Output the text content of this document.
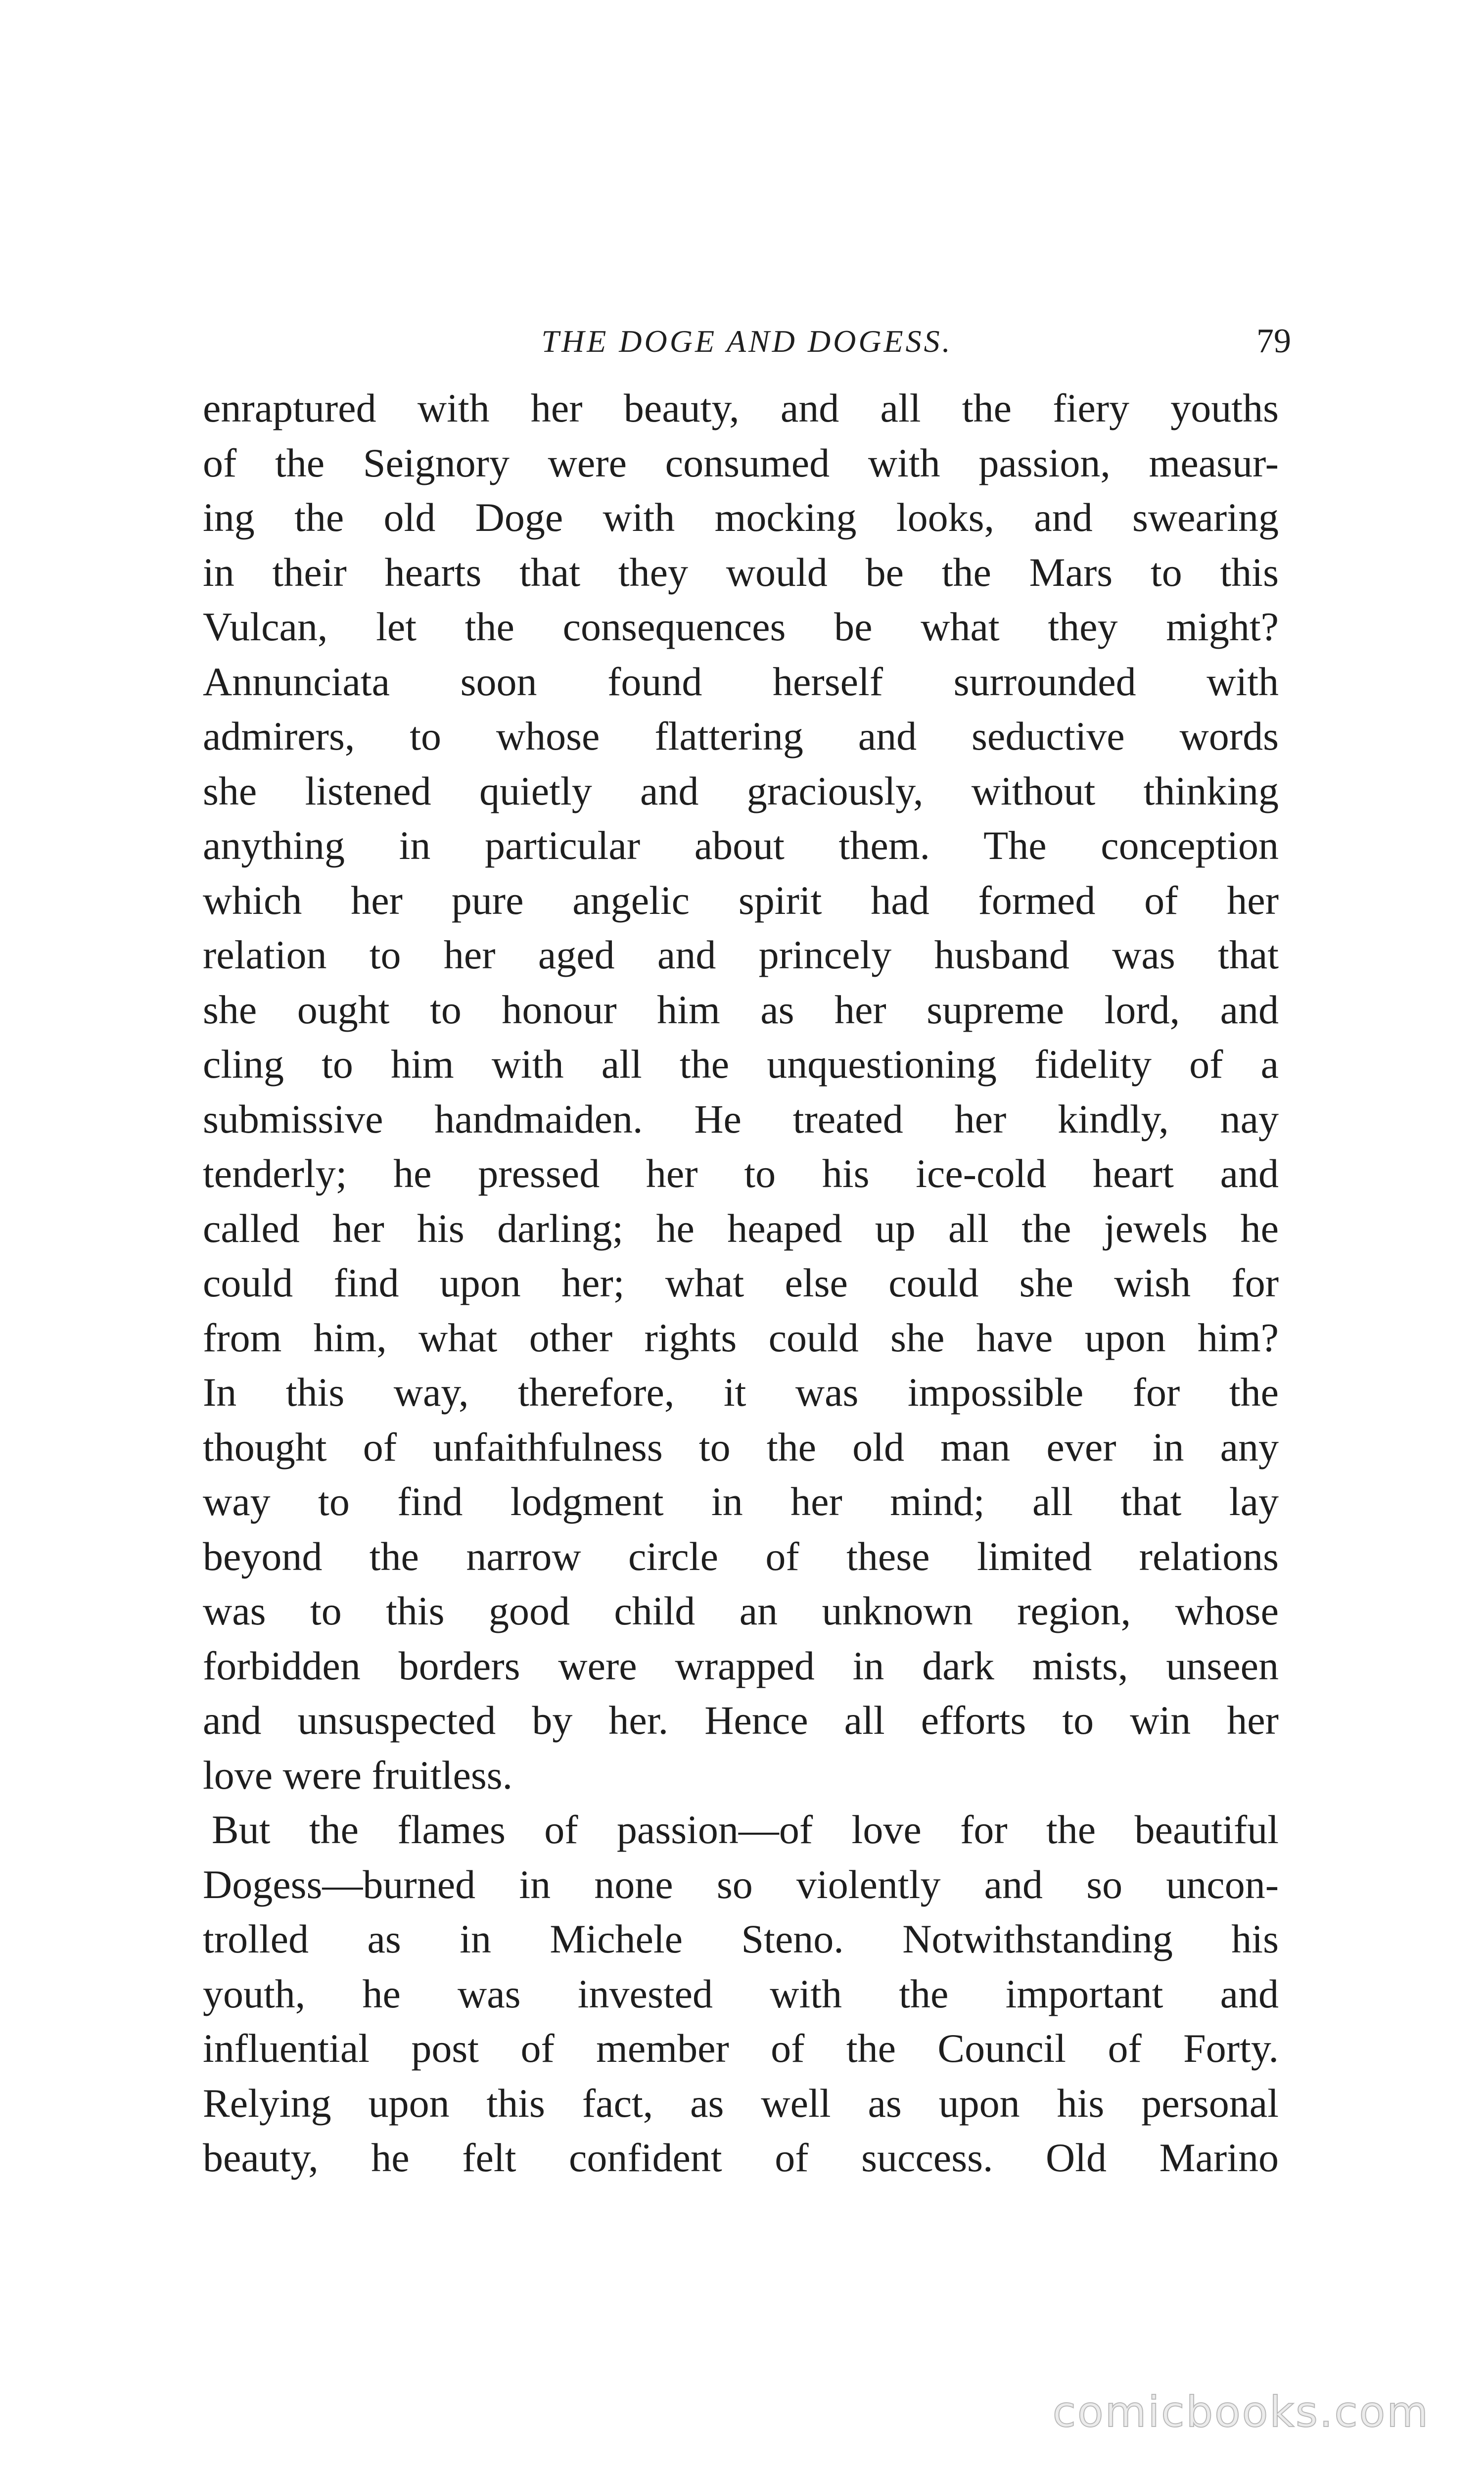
THE DOGE AND DOGESS.	79
enraptured with her beauty, and all the fiery youths
of the Seignory were consumed with passion, measur-
ing the old Doge with mocking looks, and swearing
in their hearts that they would be the Mars to this
Vulcan, let the consequences be what they might?
Annunciata soon found herself surrounded with
admirers, to whose flattering and seductive words
she listened quietly and graciously, without thinking
anything in particular about them. The conception
which her pure angelic spirit had formed of her
relation to her aged and princely husband was that
she ought to honour him as her supreme lord, and
cling to him with all the unquestioning fidelity of a
submissive handmaiden. He treated her kindly, nay
tenderly; he pressed her to his ice-cold heart and
called her his darling; he heaped up all the jewels he
could find upon her; what else could she wish for
from him, what other rights could she have upon him?
In this way, therefore, it was impossible for the
thought of unfaithfulness to the old man ever in any
way to find lodgment in her mind; all that lay
beyond the narrow circle of these limited relations
was to this good child an unknown region, whose
forbidden borders were wrapped in dark mists, unseen
and unsuspected by her. Hence all efforts to win her
love were fruitless.
But the flames of passion—of love for the beautiful
Dogess—burned in none so violently and so uncon-
trolled as in Michele Steno. Notwithstanding his
youth, he was invested with the important and
influential post of member of the Council of Forty.
Relying upon this fact, as well as upon his personal
beauty, he felt confident of success. Old Marino
comicbooks.com
